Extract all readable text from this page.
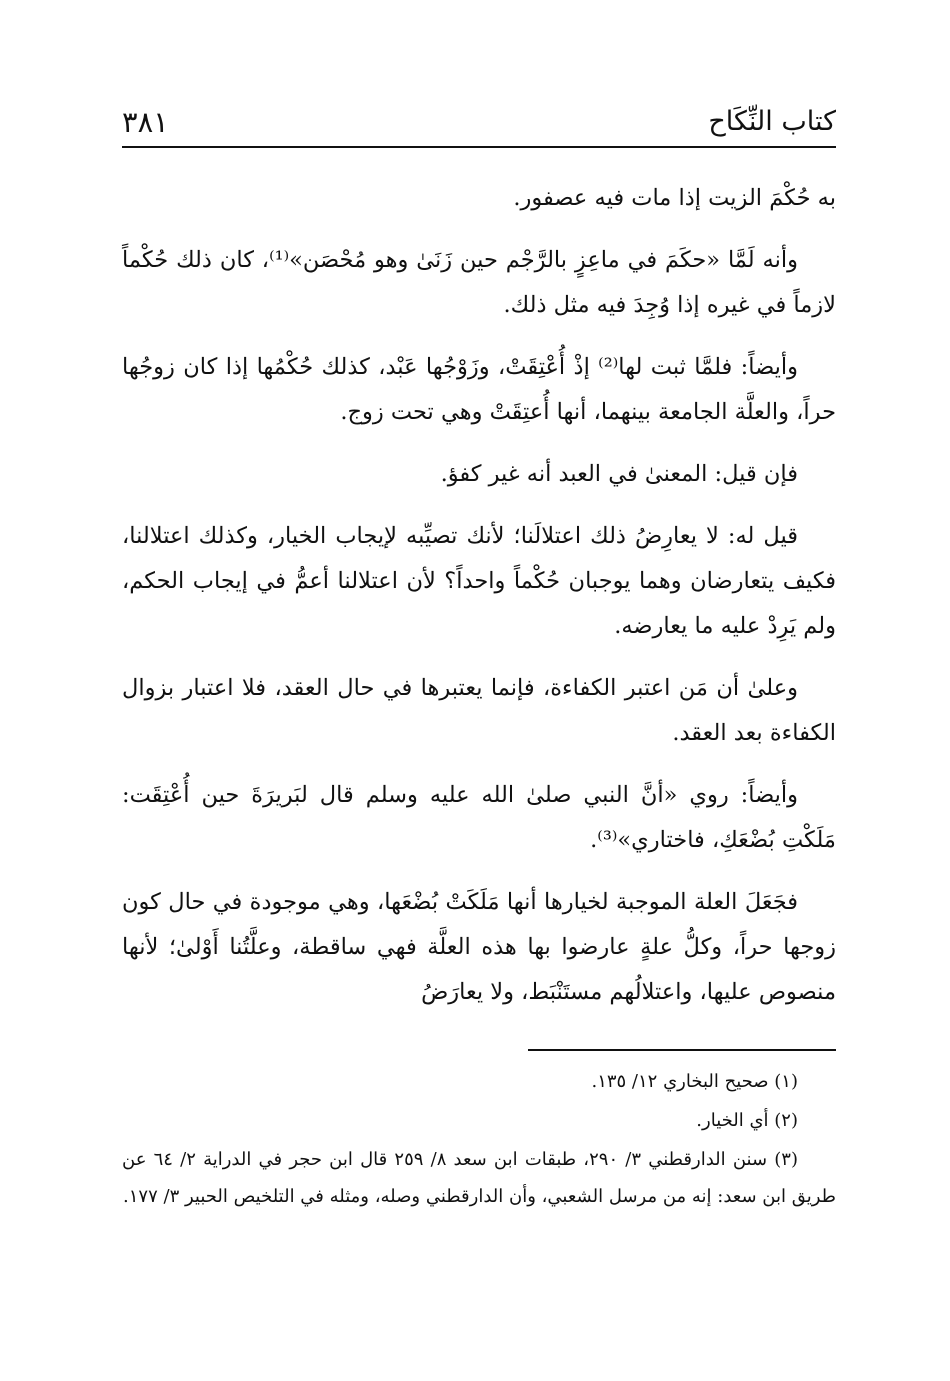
كتاب النِّكَاح
٣٨١

به حُكْمَ الزيت إذا مات فيه عصفور.

وأنه لَمَّا «حكَمَ في ماعِزٍ بالرَّجْم حين زَنَىٰ وهو مُحْصَن»⁽¹⁾، كان ذلك حُكْماً لازماً في غيره إذا وُجِدَ فيه مثل ذلك.

وأيضاً: فلمَّا ثبت لها⁽²⁾ إذْ أُعْتِقَتْ، وزَوْجُها عَبْد، كذلك حُكْمُها إذا كان زوجُها حراً، والعلَّة الجامعة بينهما، أنها أُعتِقَتْ وهي تحت زوج.

فإن قيل: المعنىٰ في العبد أنه غير كفؤ.

قيل له: لا يعارِضُ ذلك اعتلالَنا؛ لأنك تصيِّبه لإيجاب الخيار، وكذلك اعتلالنا، فكيف يتعارضان وهما يوجبان حُكْماً واحداً؟ لأن اعتلالنا أعمُّ في إيجاب الحكم، ولم يَرِدْ عليه ما يعارضه.

وعلىٰ أن مَن اعتبر الكفاءة، فإنما يعتبرها في حال العقد، فلا اعتبار بزوال الكفاءة بعد العقد.

وأيضاً: روي «أنَّ النبي صلىٰ الله عليه وسلم قال لبَريرَةَ حين أُعْتِقَت: مَلَكْتِ بُضْعَكِ، فاختاري»⁽³⁾.

فجَعَلَ العلة الموجبة لخيارها أنها مَلَكَتْ بُضْعَها، وهي موجودة في حال كون زوجها حراً، وكلُّ علةٍ عارضوا بها هذه العلَّة فهي ساقطة، وعلَّتُنا أَوْلىٰ؛ لأنها منصوص عليها، واعتلالُهم مستَنْبَط، ولا يعارَضُ

(١) صحيح البخاري ١٢/ ١٣٥.

(٢) أي الخيار.

(٣) سنن الدارقطني ٣/ ٢٩٠، طبقات ابن سعد ٨/ ٢٥٩ قال ابن حجر في الدراية ٢/ ٦٤ عن طريق ابن سعد: إنه من مرسل الشعبي، وأن الدارقطني وصله، ومثله في التلخيص الحبير ٣/ ١٧٧.
